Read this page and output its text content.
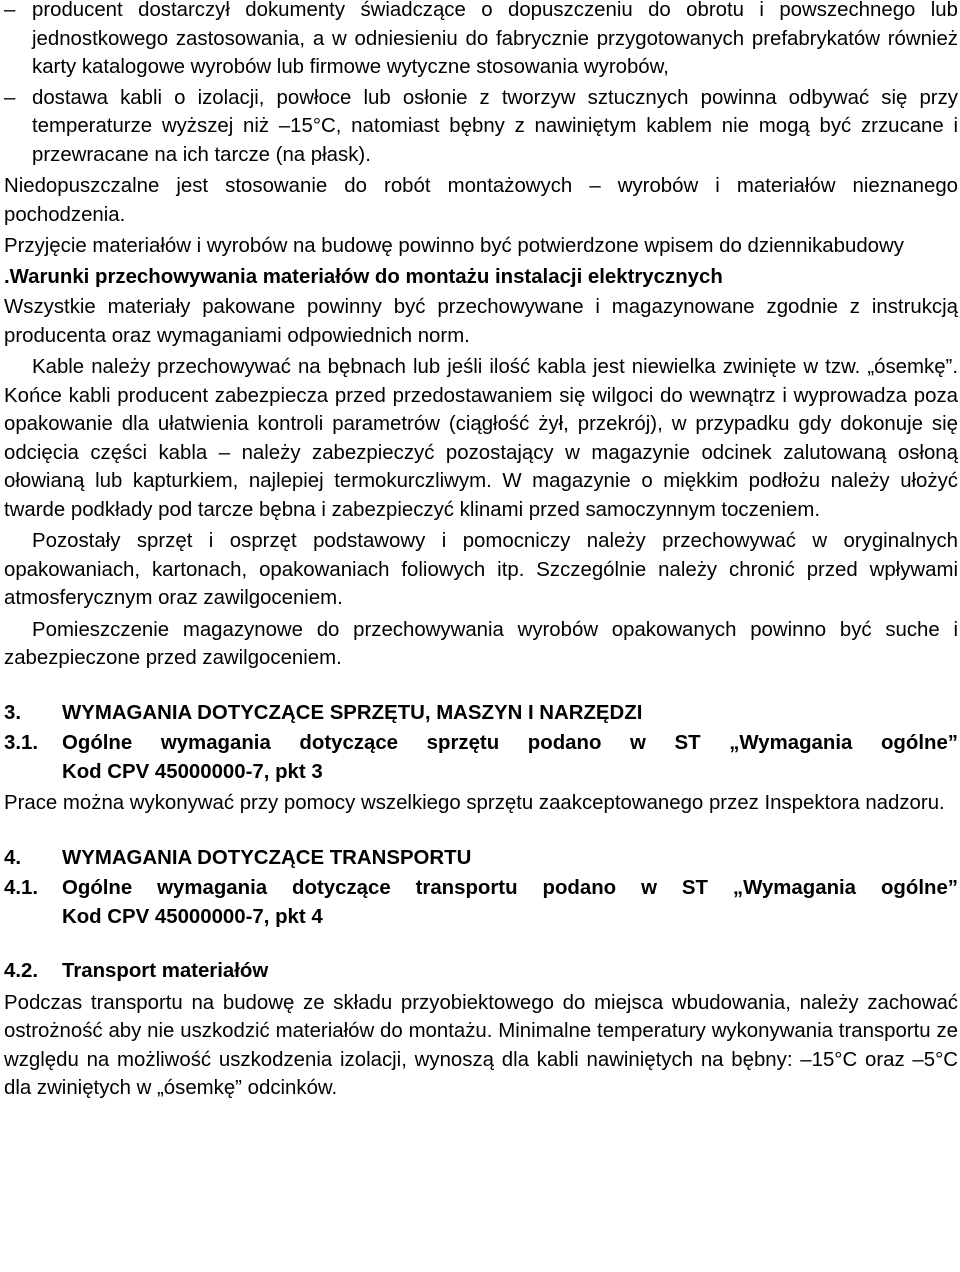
– producent dostarczył dokumenty świadczące o dopuszczeniu do obrotu i powszechnego lub jednostkowego zastosowania, a w odniesieniu do fabrycznie przygotowanych prefabrykatów również karty katalogowe wyrobów lub firmowe wytyczne stosowania wyrobów,

– dostawa kabli o izolacji, powłoce lub osłonie z tworzyw sztucznych powinna odbywać się przy temperaturze wyższej niż –15°C, natomiast bębny z nawiniętym kablem nie mogą być zrzucane i przewracane na ich tarcze (na płask).

Niedopuszczalne jest stosowanie do robót montażowych – wyrobów i materiałów nieznanego pochodzenia.

Przyjęcie materiałów i wyrobów na budowę powinno być potwierdzone wpisem do dziennikabudowy

.Warunki przechowywania materiałów do montażu instalacji elektrycznych

Wszystkie materiały pakowane powinny być przechowywane i magazynowane zgodnie z instrukcją producenta oraz wymaganiami odpowiednich norm.

Kable należy przechowywać na bębnach lub jeśli ilość kabla jest niewielka zwinięte w tzw. „ósemkę”. Końce kabli producent zabezpiecza przed przedostawaniem się wilgoci do wewnątrz i wyprowadza poza opakowanie dla ułatwienia kontroli parametrów (ciągłość żył, przekrój), w przypadku gdy dokonuje się odcięcia części kabla – należy zabezpieczyć pozostający w magazynie odcinek zalutowaną osłoną ołowianą lub kapturkiem, najlepiej termokurczliwym. W magazynie o miękkim podłożu należy ułożyć twarde podkłady pod tarcze bębna i zabezpieczyć klinami przed samoczynnym toczeniem.

Pozostały sprzęt i osprzęt podstawowy i pomocniczy należy przechowywać w oryginalnych opakowaniach, kartonach, opakowaniach foliowych itp. Szczególnie należy chronić przed wpływami atmosferycznym oraz zawilgoceniem.

Pomieszczenie magazynowe do przechowywania wyrobów opakowanych powinno być suche i zabezpieczone przed zawilgoceniem.

3.	WYMAGANIA DOTYCZĄCE SPRZĘTU, MASZYN I NARZĘDZI
3.1.	Ogólne wymagania dotyczące sprzętu podano w ST „Wymagania ogólne”
Kod CPV 45000000-7, pkt 3

Prace można wykonywać przy pomocy wszelkiego sprzętu zaakceptowanego przez Inspektora nadzoru.

4.	WYMAGANIA DOTYCZĄCE TRANSPORTU
4.1.	Ogólne wymagania dotyczące transportu podano w ST „Wymagania ogólne”
Kod CPV 45000000-7, pkt 4
4.2.	Transport materiałów

Podczas transportu na budowę ze składu przyobiektowego do miejsca wbudowania, należy zachować ostrożność aby nie uszkodzić materiałów do montażu. Minimalne temperatury wykonywania transportu ze względu na możliwość uszkodzenia izolacji, wynoszą dla kabli nawiniętych na bębny: –15°C oraz –5°C dla zwiniętych w „ósemkę” odcinków.
